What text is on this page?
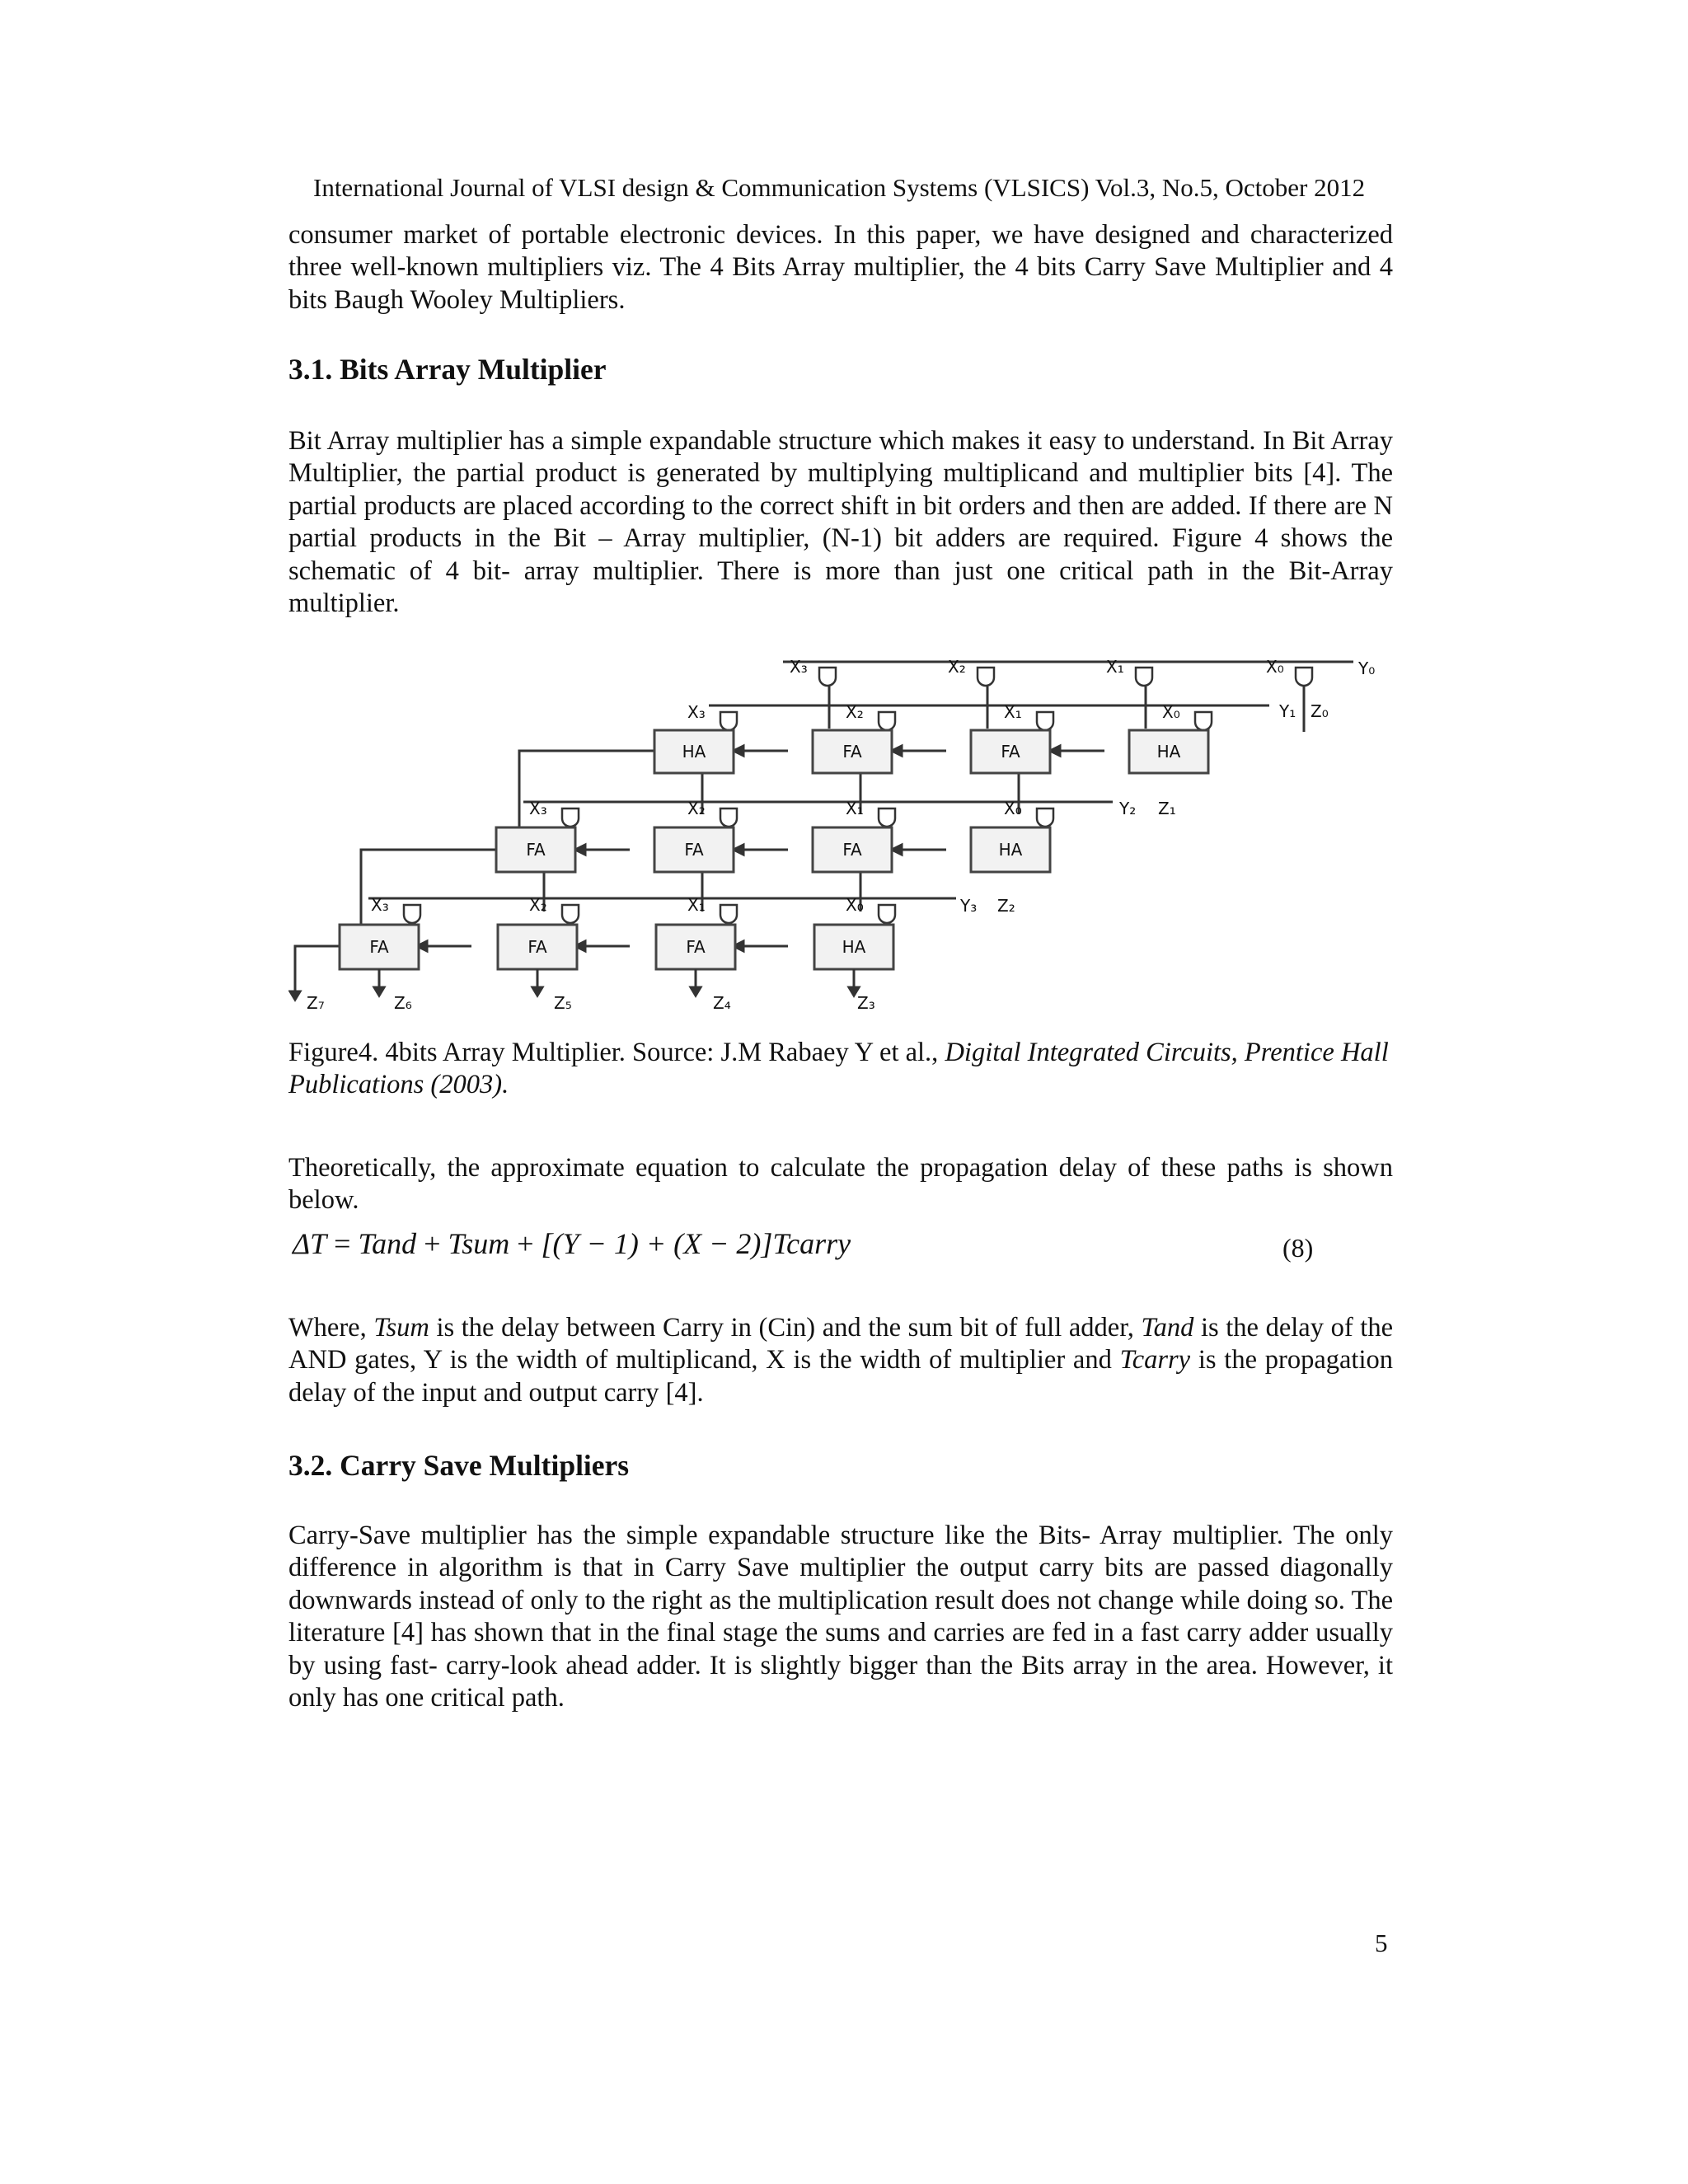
International Journal of VLSI design & Communication Systems (VLSICS) Vol.3, No.5, October 2012

consumer market of portable electronic devices. In this paper, we have designed and characterized three well-known multipliers viz. The 4 Bits Array multiplier, the 4 bits Carry Save Multiplier and 4 bits Baugh Wooley Multipliers.

3.1. Bits Array Multiplier

Bit Array multiplier has a simple expandable structure which makes it easy to understand. In Bit Array Multiplier, the partial product is generated by multiplying multiplicand and multiplier bits [4]. The partial products are placed according to the correct shift in bit orders and then are added. If there are N partial products in the Bit – Array multiplier, (N-1) bit adders are required. Figure 4 shows the schematic of 4 bit- array multiplier. There is more than just one critical path in the Bit-Array multiplier.

X₃	X₂	X₁	X₀	Y₀
Y₁ Z₀
Y₂ Z₁
Y₃ Z₂
Z₃
Z₄
Z₅
Z₆
Z₇
X₃	X₂	X₁	X₀
X₃	X₂	X₁	X₀
X₃	X₂	X₁	X₀
HA	FA	FA	HA
FA	FA	FA	HA
FA	FA	FA	HA

Figure4. 4bits Array Multiplier. Source: J.M Rabaey Y et al., Digital Integrated Circuits, Prentice Hall Publications (2003).

Theoretically, the approximate equation to calculate the propagation delay of these paths is shown below.

ΔT = Tand + Tsum + [(Y − 1) + (X − 2)]Tcarry	(8)

Where, Tsum is the delay between Carry in (Cin) and the sum bit of full adder, Tand is the delay of the AND gates, Y is the width of multiplicand, X is the width of multiplier and Tcarry is the propagation delay of the input and output carry [4].

3.2. Carry Save Multipliers

Carry-Save multiplier has the simple expandable structure like the Bits- Array multiplier. The only difference in algorithm is that in Carry Save multiplier the output carry bits are passed diagonally downwards instead of only to the right as the multiplication result does not change while doing so. The literature [4] has shown that in the final stage the sums and carries are fed in a fast carry adder usually by using fast- carry-look ahead adder. It is slightly bigger than the Bits array in the area. However, it only has one critical path.

5
